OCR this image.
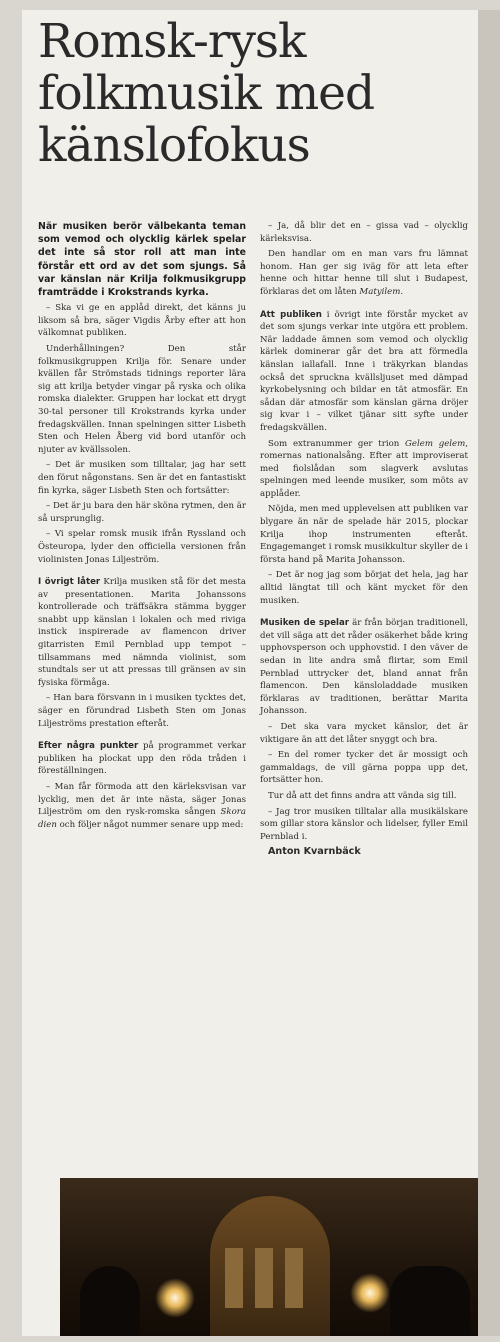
Romsk-rysk folkmusik med känslofokus

När musiken berör välbekanta teman som vemod och olycklig kärlek spelar det inte så stor roll att man inte förstår ett ord av det som sjungs. Så var känslan när Krilja folkmusikgrupp framträdde i Krokstrands kyrka.

– Ska vi ge en applåd direkt, det känns ju liksom så bra, säger Vigdis Årby efter att hon välkomnat publiken.

Underhållningen? Den står folkmusikgruppen Krilja för. Senare under kvällen får Strömstads tidnings reporter lära sig att krilja betyder vingar på ryska och olika romska dialekter. Gruppen har lockat ett drygt 30-tal personer till Krokstrands kyrka under fredagskvällen. Innan spelningen sitter Lisbeth Sten och Helen Åberg vid bord utanför och njuter av kvällssolen.

– Det är musiken som tilltalar, jag har sett den förut någonstans. Sen är det en fantastiskt fin kyrka, säger Lisbeth Sten och fortsätter:

– Det är ju bara den här sköna rytmen, den är så ursprunglig.

– Vi spelar romsk musik ifrån Ryssland och Östeuropa, lyder den officiella versionen från violinisten Jonas Liljeström.

I övrigt låter Krilja musiken stå för det mesta av presentationen. Marita Johanssons kontrollerade och träffsäkra stämma bygger snabbt upp känslan i lokalen och med riviga instick inspirerade av flamencon driver gitarristen Emil Pernblad upp tempot – tillsammans med nämnda violinist, som stundtals ser ut att pressas till gränsen av sin fysiska förmåga.

– Han bara försvann in i musiken tycktes det, säger en förundrad Lisbeth Sten om Jonas Liljeströms prestation efteråt.

Efter några punkter på programmet verkar publiken ha plockat upp den röda tråden i föreställningen.

– Man får förmoda att den kärleksvisan var lycklig, men det är inte nästa, säger Jonas Liljeström om den rysk-romska sången Skora dien och följer något nummer senare upp med:

– Ja, då blir det en – gissa vad – olycklig kärleksvisa.

Den handlar om en man vars fru lämnat honom. Han ger sig iväg för att leta efter henne och hittar henne till slut i Budapest, förklaras det om låten Matyilem.

Att publiken i övrigt inte förstår mycket av det som sjungs verkar inte utgöra ett problem. När laddade ämnen som vemod och olycklig kärlek dominerar går det bra att förmedla känslan iallafall. Inne i träkyrkan blandas också det spruckna kvällsljuset med dämpad kyrkobelysning och bildar en tät atmosfär. En sådan där atmosfär som känslan gärna dröjer sig kvar i – vilket tjänar sitt syfte under fredagskvällen.

Som extranummer ger trion Gelem gelem, romernas nationalsång. Efter att improviserat med fiolslådan som slagverk avslutas spelningen med leende musiker, som möts av applåder.

Nöjda, men med upplevelsen att publiken var blygare än när de spelade här 2015, plockar Krilja ihop instrumenten efteråt. Engagemanget i romsk musikkultur skyller de i första hand på Marita Johansson.

– Det är nog jag som börjat det hela, jag har alltid längtat till och känt mycket för den musiken.

Musiken de spelar är från början traditionell, det vill säga att det råder osäkerhet både kring upphovsperson och upphovstid. I den väver de sedan in lite andra små flirtar, som Emil Pernblad uttrycker det, bland annat från flamencon. Den känsloladdade musiken förklaras av traditionen, berättar Marita Johansson.

– Det ska vara mycket känslor, det är viktigare än att det låter snyggt och bra.

– En del romer tycker det är mossigt och gammaldags, de vill gärna poppa upp det, fortsätter hon.

Tur då att det finns andra att vända sig till.

– Jag tror musiken tilltalar alla musikälskare som gillar stora känslor och lidelser, fyller Emil Pernblad i.

Anton Kvarnbäck
